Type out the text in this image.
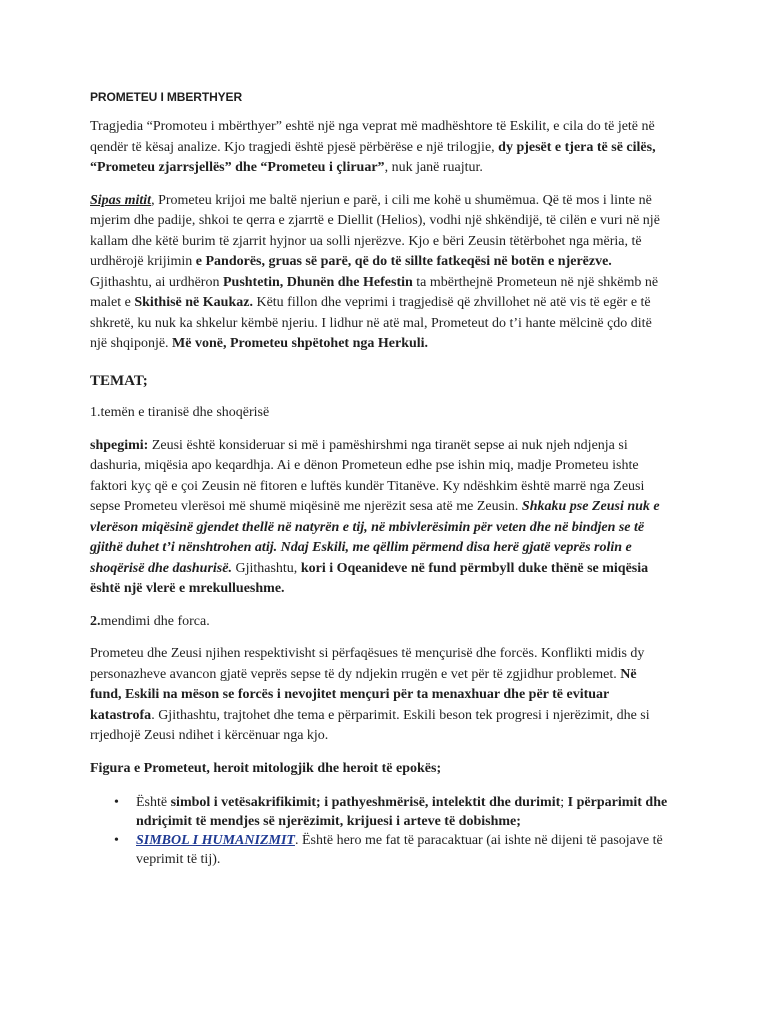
PROMETEU I MBERTHYER

Tragjedia “Promoteu i mbërthyer” eshtë një nga veprat më madhështore të Eskilit, e cila do të jetë në qendër të kësaj analize. Kjo tragjedi është pjesë përbërëse e një trilogjie, dy pjesët e tjera të së cilës, “Prometeu zjarrsjellës” dhe “Prometeu i çliruar”, nuk janë ruajtur.

Sipas mitit, Prometeu krijoi me baltë njeriun e parë, i cili me kohë u shumëmua. Që të mos i linte në mjerim dhe padije, shkoi te qerra e zjarrtë e Diellit (Helios), vodhi një shkëndijë, të cilën e vuri në një kallam dhe këtë burim të zjarrit hyjnor ua solli njerëzve. Kjo e bëri Zeusin tëtërbohet nga mëria, të urdhërojë krijimin e Pandorës, gruas së parë, që do të sillte fatkeqësi në botën e njerëzve. Gjithashtu, ai urdhëron Pushtetin, Dhunën dhe Hefestin ta mbërthejnë Prometeun në një shkëmb në malet e Skithisë në Kaukaz. Këtu fillon dhe veprimi i tragjedisë që zhvillohet në atë vis të egër e të shkretë, ku nuk ka shkelur këmbë njeriu. I lidhur në atë mal, Prometeut do t’i hante mëlcinë çdo ditë një shqiponjë. Më vonë, Prometeu shpëtohet nga Herkuli.

TEMAT;

1.temën e tiranisë dhe shoqërisë

shpegimi: Zeusi është konsideruar si më i pamëshirshmi nga tiranët sepse ai nuk njeh ndjenja si dashuria, miqësia apo keqardhja. Ai e dënon Prometeun edhe pse ishin miq, madje Prometeu ishte faktori kyç që e çoi Zeusin në fitoren e luftës kundër Titanëve. Ky ndëshkim është marrë nga Zeusi sepse Prometeu vlerësoi më shumë miqësinë me njerëzit sesa atë me Zeusin. Shkaku pse Zeusi nuk e vlerëson miqësinë gjendet thellë në natyrën e tij, në mbivlerësimin për veten dhe në bindjen se të gjithë duhet t’i nënshtrohen atij. Ndaj Eskili, me qëllim përmend disa herë gjatë veprës rolin e shoqërisë dhe dashurisë. Gjithashtu, kori i Oqeanideve në fund përmbyll duke thënë se miqësia është një vlerë e mrekullueshme.

2.mendimi dhe forca.

Prometeu dhe Zeusi njihen respektivisht si përfaqësues të mençurisë dhe forcës. Konflikti midis dy personazheve avancon gjatë veprës sepse të dy ndjekin rrugën e vet për të zgjidhur problemet. Në fund, Eskili na mëson se forcës i nevojitet mençuri për ta menaxhuar dhe për të evituar katastrofa. Gjithashtu, trajtohet dhe tema e përparimit. Eskili beson tek progresi i njerëzimit, dhe si rrjedhojë Zeusi ndihet i kërcënuar nga kjo.

Figura e Prometeut, heroit mitologjik dhe heroit të epokës;

• Është simbol i vetësakrifikimit; i pathyeshmërisë, intelektit dhe durimit; I përparimit dhe ndriçimit të mendjes së njerëzimit, krijuesi i arteve të dobishme;
• SIMBOL I HUMANIZMIT. Është hero me fat të paracaktuar (ai ishte në dijeni të pasojave të veprimit të tij).
